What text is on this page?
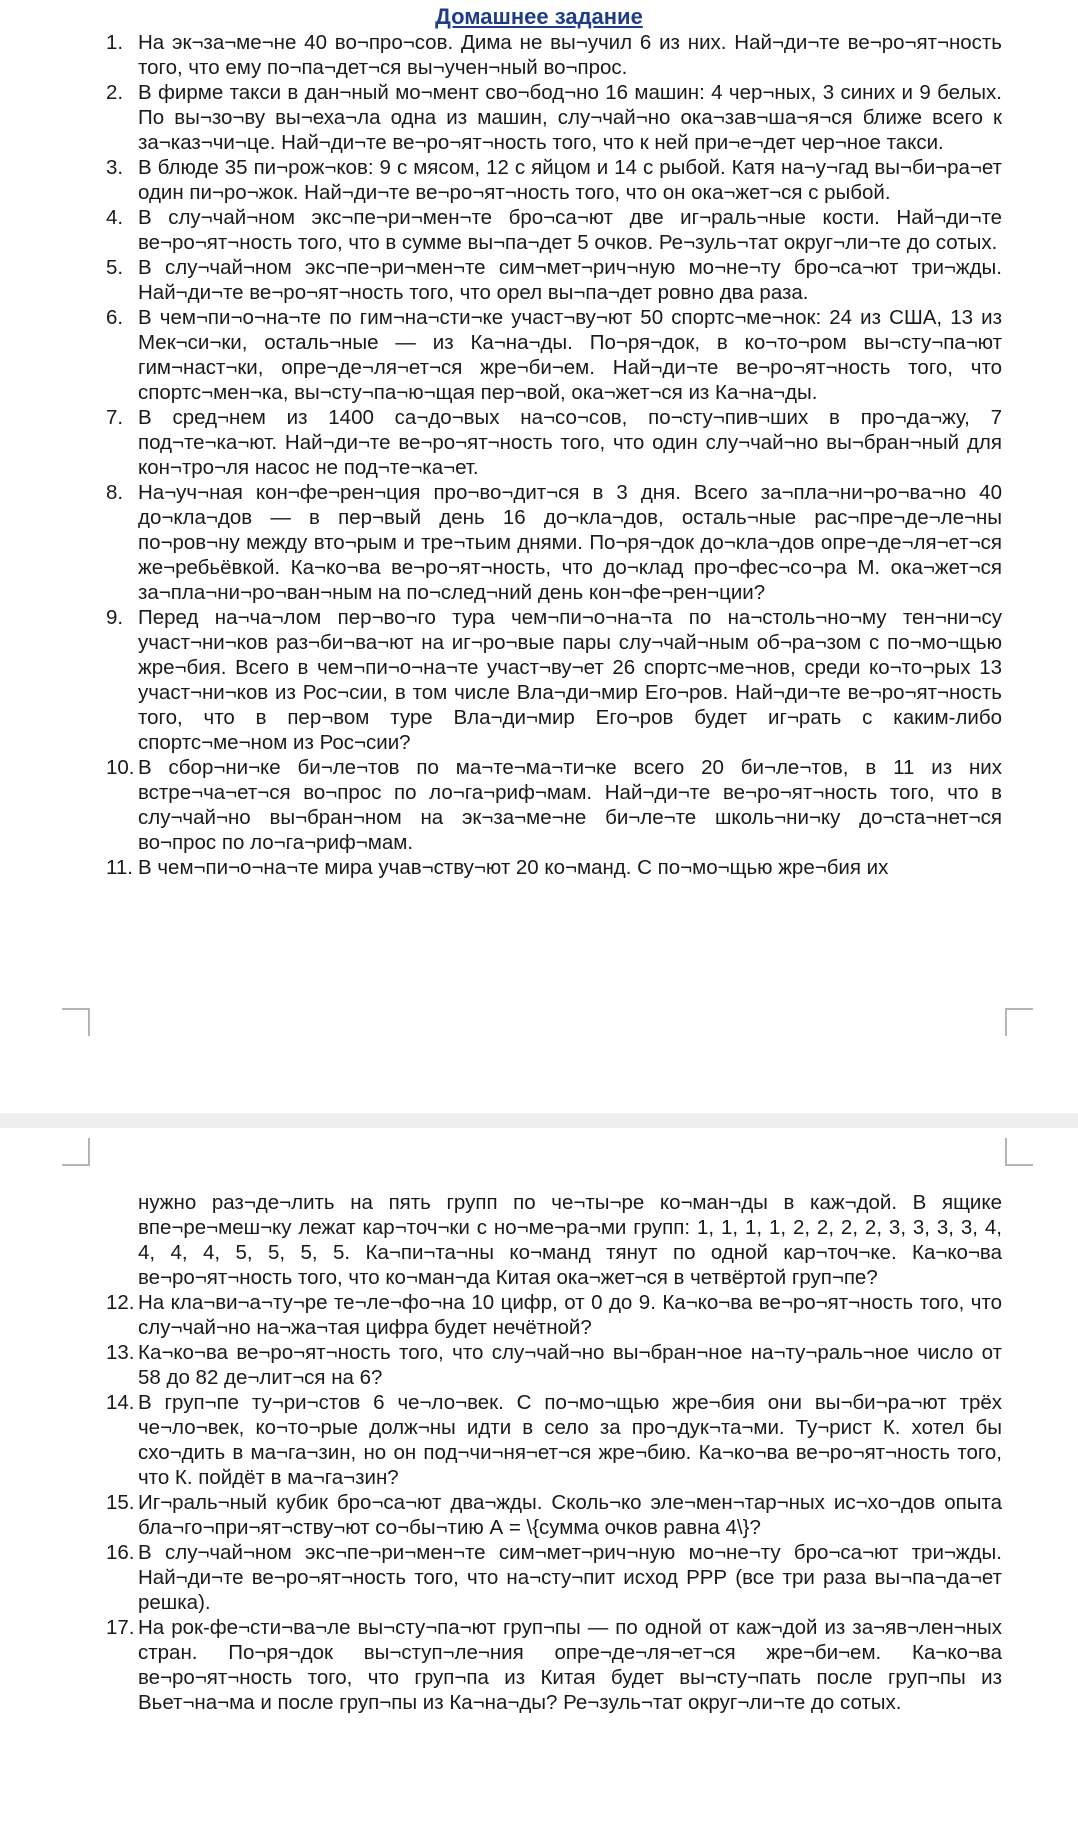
Домашнее задание
1. На эк¬за¬ме¬не 40 во¬про¬сов. Дима не вы¬учил 6 из них. Най¬ди¬те ве¬ро¬ят¬ность того, что ему по¬па¬дет¬ся вы¬учен¬ный во¬прос.
2. В фирме такси в дан¬ный мо¬мент сво¬бод¬но 16 машин: 4 чер¬ных, 3 синих и 9 белых. По вы¬зо¬ву вы¬еха¬ла одна из машин, слу¬чай¬но ока¬зав¬ша¬я¬ся ближе всего к за¬каз¬чи¬це. Най¬ди¬те ве¬ро¬ят¬ность того, что к ней при¬е¬дет чер¬ное такси.
3. В блюде 35 пи¬рож¬ков: 9 с мясом, 12 с яйцом и 14 с рыбой. Катя на¬у¬гад вы¬би¬ра¬ет один пи¬ро¬жок. Най¬ди¬те ве¬ро¬ят¬ность того, что он ока¬жет¬ся с рыбой.
4. В слу¬чай¬ном экс¬пе¬ри¬мен¬те бро¬са¬ют две иг¬раль¬ные кости. Най¬ди¬те ве¬ро¬ят¬ность того, что в сумме вы¬па¬дет 5 очков. Ре¬зуль¬тат округ¬ли¬те до сотых.
5. В слу¬чай¬ном экс¬пе¬ри¬мен¬те сим¬мет¬рич¬ную мо¬не¬ту бро¬са¬ют три¬жды. Най¬ди¬те ве¬ро¬ят¬ность того, что орел вы¬па¬дет ровно два раза.
6. В чем¬пи¬о¬на¬те по гим¬на¬сти¬ке участ¬ву¬ют 50 спортс¬ме¬нок: 24 из США, 13 из Мек¬си¬ки, осталь¬ные — из Ка¬на¬ды. По¬ря¬док, в ко¬то¬ром вы¬сту¬па¬ют гим¬наст¬ки, опре¬де¬ля¬ет¬ся жре¬би¬ем. Най¬ди¬те ве¬ро¬ят¬ность того, что спортс¬мен¬ка, вы¬сту¬па¬ю¬щая пер¬вой, ока¬жет¬ся из Ка¬на¬ды.
7. В сред¬нем из 1400 са¬до¬вых на¬со¬сов, по¬сту¬пив¬ших в про¬да¬жу, 7 под¬те¬ка¬ют. Най¬ди¬те ве¬ро¬ят¬ность того, что один слу¬чай¬но вы¬бран¬ный для кон¬тро¬ля насос не под¬те¬ка¬ет.
8. На¬уч¬ная кон¬фе¬рен¬ция про¬во¬дит¬ся в 3 дня. Всего за¬пла¬ни¬ро¬ва¬но 40 до¬кла¬дов — в пер¬вый день 16 до¬кла¬дов, осталь¬ные рас¬пре¬де¬ле¬ны по¬ров¬ну между вто¬рым и тре¬тьим днями. По¬ря¬док до¬кла¬дов опре¬де¬ля¬ет¬ся же¬ребьёвкой. Ка¬ко¬ва ве¬ро¬ят¬ность, что до¬клад про¬фес¬со¬ра М. ока¬жет¬ся за¬пла¬ни¬ро¬ван¬ным на по¬след¬ний день кон¬фе¬рен¬ции?
9. Перед на¬ча¬лом пер¬во¬го тура чем¬пи¬о¬на¬та по на¬столь¬но¬му тен¬ни¬су участ¬ни¬ков раз¬би¬ва¬ют на иг¬ро¬вые пары слу¬чай¬ным об¬ра¬зом с по¬мо¬щью жре¬бия. Всего в чем¬пи¬о¬на¬те участ¬ву¬ет 26 спортс¬ме¬нов, среди ко¬то¬рых 13 участ¬ни¬ков из Рос¬сии, в том числе Вла¬ди¬мир Его¬ров. Най¬ди¬те ве¬ро¬ят¬ность того, что в пер¬вом туре Вла¬ди¬мир Его¬ров будет иг¬рать с каким-либо спортс¬ме¬ном из Рос¬сии?
10. В сбор¬ни¬ке би¬ле¬тов по ма¬те¬ма¬ти¬ке всего 20 би¬ле¬тов, в 11 из них встре¬ча¬ет¬ся во¬прос по ло¬га¬риф¬мам. Най¬ди¬те ве¬ро¬ят¬ность того, что в слу¬чай¬но вы¬бран¬ном на эк¬за¬ме¬не би¬ле¬те школь¬ни¬ку до¬ста¬нет¬ся во¬прос по ло¬га¬риф¬мам.
11. В чем¬пи¬о¬на¬те мира учав¬ству¬ют 20 ко¬манд. С по¬мо¬щью жре¬бия их
нужно раз¬де¬лить на пять групп по че¬ты¬ре ко¬ман¬ды в каж¬дой. В ящике впе¬ре¬меш¬ку лежат кар¬точ¬ки с но¬ме¬ра¬ми групп: 1, 1, 1, 1, 2, 2, 2, 2, 3, 3, 3, 3, 4, 4, 4, 4, 5, 5, 5, 5. Ка¬пи¬та¬ны ко¬манд тянут по одной кар¬точ¬ке. Ка¬ко¬ва ве¬ро¬ят¬ность того, что ко¬ман¬да Китая ока¬жет¬ся в четвёртой груп¬пе?
12. На кла¬ви¬а¬ту¬ре те¬ле¬фо¬на 10 цифр, от 0 до 9. Ка¬ко¬ва ве¬ро¬ят¬ность того, что слу¬чай¬но на¬жа¬тая цифра будет нечётной?
13. Ка¬ко¬ва ве¬ро¬ят¬ность того, что слу¬чай¬но вы¬бран¬ное на¬ту¬раль¬ное число от 58 до 82 де¬лит¬ся на 6?
14. В груп¬пе ту¬ри¬стов 6 че¬ло¬век. С по¬мо¬щью жре¬бия они вы¬би¬ра¬ют трёх че¬ло¬век, ко¬то¬рые долж¬ны идти в село за про¬дук¬та¬ми. Ту¬рист К. хотел бы схо¬дить в ма¬га¬зин, но он под¬чи¬ня¬ет¬ся жре¬бию. Ка¬ко¬ва ве¬ро¬ят¬ность того, что К. пойдёт в ма¬га¬зин?
15. Иг¬раль¬ный кубик бро¬са¬ют два¬жды. Сколь¬ко эле¬мен¬тар¬ных ис¬хо¬дов опыта бла¬го¬при¬ят¬ству¬ют со¬бы¬тию А = \{сумма очков равна 4\}?
16. В слу¬чай¬ном экс¬пе¬ри¬мен¬те сим¬мет¬рич¬ную мо¬не¬ту бро¬са¬ют три¬жды. Най¬ди¬те ве¬ро¬ят¬ность того, что на¬сту¬пит исход РРР (все три раза вы¬па¬да¬ет решка).
17. На рок-фе¬сти¬ва¬ле вы¬сту¬па¬ют груп¬пы — по одной от каж¬дой из за¬яв¬лен¬ных стран. По¬ря¬док вы¬ступ¬ле¬ния опре¬де¬ля¬ет¬ся жре¬би¬ем. Ка¬ко¬ва ве¬ро¬ят¬ность того, что груп¬па из Китая будет вы¬сту¬пать после груп¬пы из Вьет¬на¬ма и после груп¬пы из Ка¬на¬ды? Ре¬зуль¬тат округ¬ли¬те до сотых.
